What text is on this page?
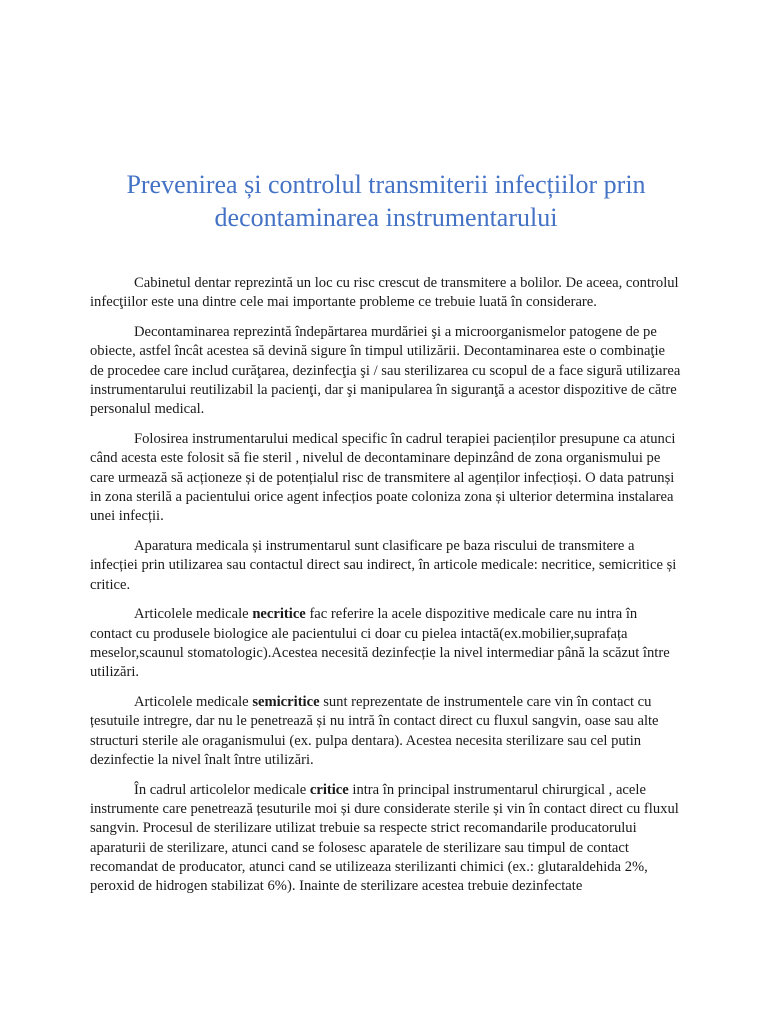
Prevenirea și controlul transmiterii infecțiilor prin decontaminarea instrumentarului

Cabinetul dentar reprezintă un loc cu risc crescut de transmitere a bolilor. De aceea, controlul infecţiilor este una dintre cele mai importante probleme ce trebuie luată în considerare.

Decontaminarea reprezintă îndepărtarea murdăriei şi a microorganismelor patogene de pe obiecte, astfel încât acestea să devină sigure în timpul utilizării. Decontaminarea este o combinaţie de procedee care includ curăţarea, dezinfecţia şi / sau sterilizarea cu scopul de a face sigură utilizarea instrumentarului reutilizabil la pacienţi, dar şi manipularea în siguranţă a acestor dispozitive de către personalul medical.

Folosirea instrumentarului medical specific în cadrul terapiei pacienților presupune ca atunci când acesta este folosit să fie steril , nivelul de decontaminare depinzând de zona organismului pe care urmează să acționeze și de potențialul risc de transmitere al agenților infecțioși. O data patrunși in zona sterilă a pacientului orice agent infecțios poate coloniza zona și ulterior determina instalarea unei infecții.

Aparatura medicala și instrumentarul sunt clasificare pe baza riscului de transmitere a infecției prin utilizarea sau contactul direct sau indirect, în articole medicale: necritice, semicritice și critice.

Articolele medicale necritice fac referire la acele dispozitive medicale care nu intra în contact cu produsele biologice ale pacientului ci doar cu pielea intactă(ex.mobilier,suprafața meselor,scaunul stomatologic).Acestea necesită dezinfecție la nivel intermediar până la scăzut între utilizări.

Articolele medicale semicritice sunt reprezentate de instrumentele care vin în contact cu țesutuile intregre, dar nu le penetrează și nu intră în contact direct cu fluxul sangvin, oase sau alte structuri sterile ale oraganismului (ex. pulpa dentara). Acestea necesita sterilizare sau cel putin dezinfectie la nivel înalt între utilizări.

În cadrul articolelor medicale critice intra în principal instrumentarul chirurgical , acele instrumente care penetrează țesuturile moi și dure considerate sterile și vin în contact direct cu fluxul sangvin. Procesul de sterilizare utilizat trebuie sa respecte strict recomandarile producatorului aparaturii de sterilizare, atunci cand se folosesc aparatele de sterilizare sau timpul de contact recomandat de producator, atunci cand se utilizeaza sterilizanti chimici (ex.: glutaraldehida 2%, peroxid de hidrogen stabilizat 6%). Inainte de sterilizare acestea trebuie dezinfectate
